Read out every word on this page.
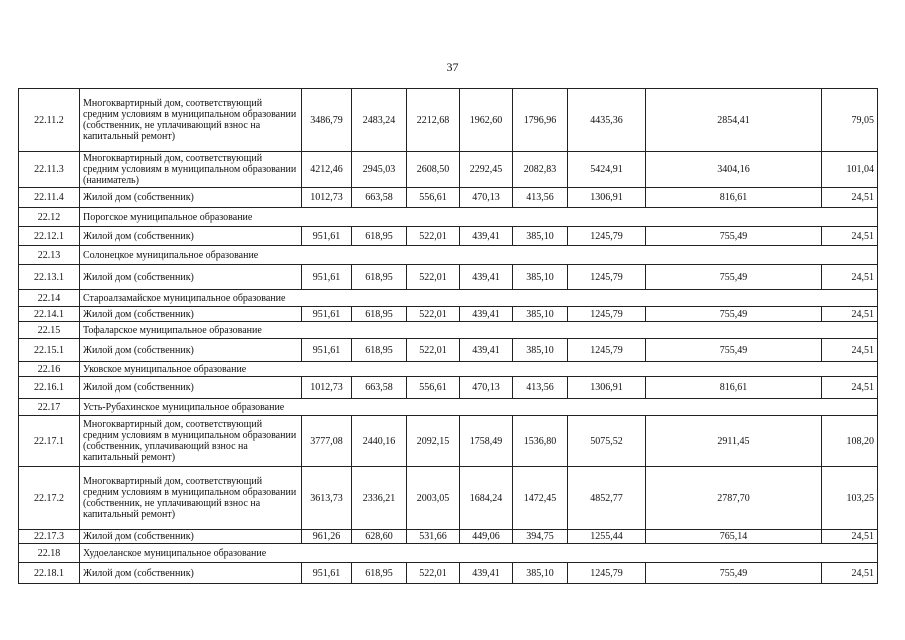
37
22.11.2	Многоквартирный дом, соответствующий средним условиям в муниципальном образовании (собственник, не уплачивающий взнос на капитальный ремонт)	3486,79	2483,24	2212,68	1962,60	1796,96	4435,36	2854,41	79,05
22.11.3	Многоквартирный дом, соответствующий средним условиям в муниципальном образовании (наниматель)	4212,46	2945,03	2608,50	2292,45	2082,83	5424,91	3404,16	101,04
22.11.4	Жилой дом (собственник)	1012,73	663,58	556,61	470,13	413,56	1306,91	816,61	24,51
22.12	Порогское муниципальное образование								
22.12.1	Жилой дом (собственник)	951,61	618,95	522,01	439,41	385,10	1245,79	755,49	24,51
22.13	Солонецкое муниципальное образование								
22.13.1	Жилой дом (собственник)	951,61	618,95	522,01	439,41	385,10	1245,79	755,49	24,51
22.14	Староалзамайское муниципальное образование								
22.14.1	Жилой дом (собственник)	951,61	618,95	522,01	439,41	385,10	1245,79	755,49	24,51
22.15	Тофаларское муниципальное образование								
22.15.1	Жилой дом (собственник)	951,61	618,95	522,01	439,41	385,10	1245,79	755,49	24,51
22.16	Уковское муниципальное образование								
22.16.1	Жилой дом (собственник)	1012,73	663,58	556,61	470,13	413,56	1306,91	816,61	24,51
22.17	Усть-Рубахинское муниципальное образование								
22.17.1	Многоквартирный дом, соответствующий средним условиям в муниципальном образовании (собственник, уплачивающий взнос на капитальный ремонт)	3777,08	2440,16	2092,15	1758,49	1536,80	5075,52	2911,45	108,20
22.17.2	Многоквартирный дом, соответствующий средним условиям в муниципальном образовании (собственник, не уплачивающий взнос на капитальный ремонт)	3613,73	2336,21	2003,05	1684,24	1472,45	4852,77	2787,70	103,25
22.17.3	Жилой дом (собственник)	961,26	628,60	531,66	449,06	394,75	1255,44	765,14	24,51
22.18	Худоеланское муниципальное образование								
22.18.1	Жилой дом (собственник)	951,61	618,95	522,01	439,41	385,10	1245,79	755,49	24,51
